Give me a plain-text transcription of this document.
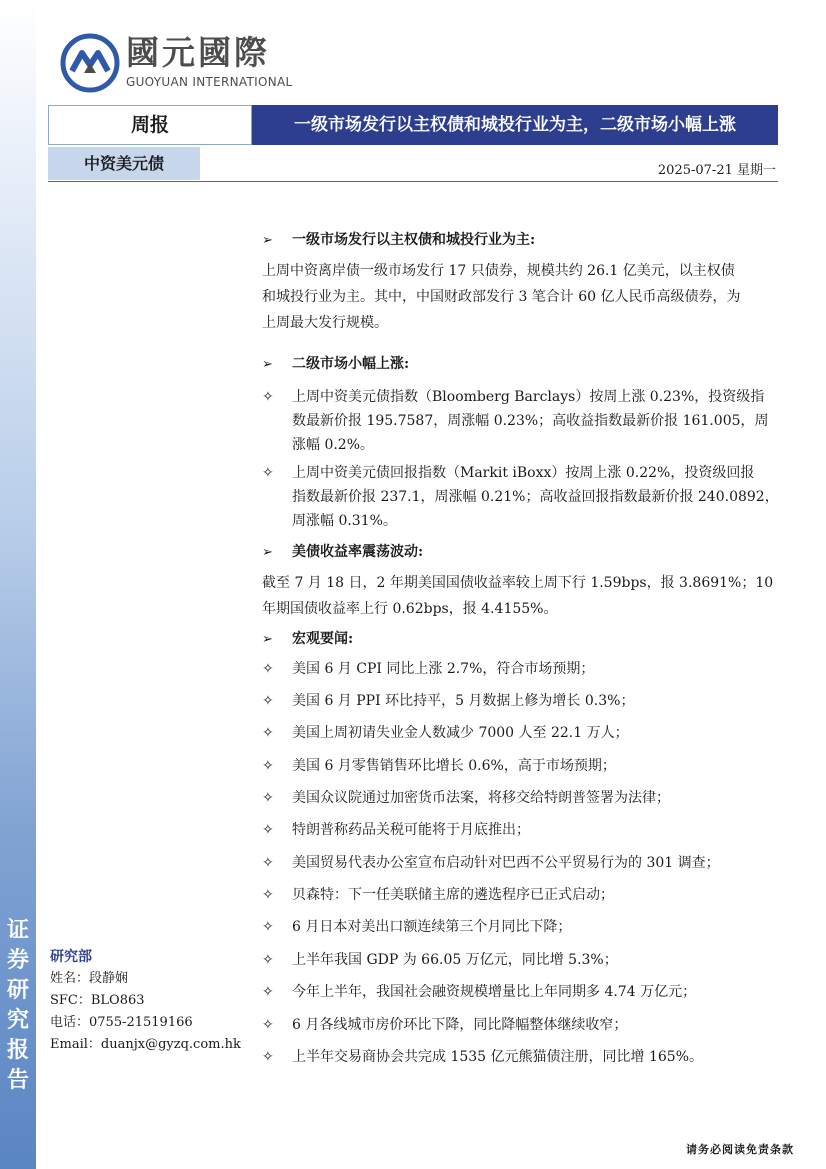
证
券
研
究
报
告
國元國際
GUOYUAN INTERNATIONAL
周报	一级市场发行以主权债和城投行业为主，二级市场小幅上涨
中资美元债	2025-07-21 星期一
➢ 一级市场发行以主权债和城投行业为主:
上周中资离岸债一级市场发行 17 只债券，规模共约 26.1 亿美元，以主权债
和城投行业为主。其中，中国财政部发行 3 笔合计 60 亿人民币高级债券，为
上周最大发行规模。
➢ 二级市场小幅上涨:
✧ 上周中资美元债指数（Bloomberg Barclays）按周上涨 0.23%，投资级指
数最新价报 195.7587，周涨幅 0.23%；高收益指数最新价报 161.005，周
涨幅 0.2%。
✧ 上周中资美元债回报指数（Markit iBoxx）按周上涨 0.22%，投资级回报
指数最新价报 237.1，周涨幅 0.21%；高收益回报指数最新价报 240.0892，
周涨幅 0.31%。
➢ 美债收益率震荡波动:
截至 7 月 18 日，2 年期美国国债收益率较上周下行 1.59bps，报 3.8691%；10
年期国债收益率上行 0.62bps，报 4.4155%。
➢ 宏观要闻:
✧ 美国 6 月 CPI 同比上涨 2.7%，符合市场预期；
✧ 美国 6 月 PPI 环比持平，5 月数据上修为增长 0.3%；
✧ 美国上周初请失业金人数减少 7000 人至 22.1 万人；
✧ 美国 6 月零售销售环比增长 0.6%，高于市场预期；
✧ 美国众议院通过加密货币法案，将移交给特朗普签署为法律；
✧ 特朗普称药品关税可能将于月底推出；
✧ 美国贸易代表办公室宣布启动针对巴西不公平贸易行为的 301 调查；
✧ 贝森特：下一任美联储主席的遴选程序已正式启动；
✧ 6 月日本对美出口额连续第三个月同比下降；
✧ 上半年我国 GDP 为 66.05 万亿元，同比增 5.3%；
✧ 今年上半年，我国社会融资规模增量比上年同期多 4.74 万亿元；
✧ 6 月各线城市房价环比下降，同比降幅整体继续收窄；
✧ 上半年交易商协会共完成 1535 亿元熊猫债注册，同比增 165%。
研究部
姓名：段静娴
SFC：BLO863
电话：0755-21519166
Email：duanjx@gyzq.com.hk
请务必阅读免责条款
